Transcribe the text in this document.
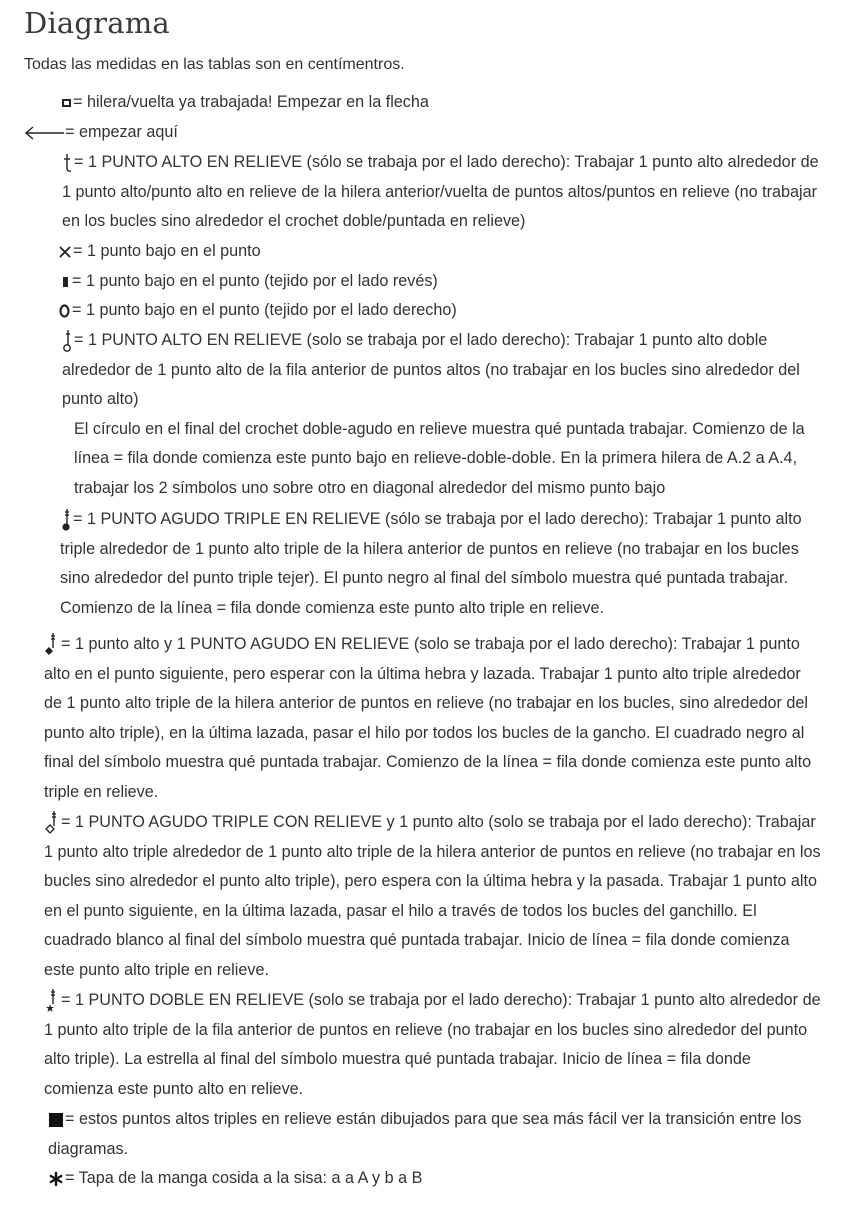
Diagrama
Todas las medidas en las tablas son en centímentros.
= hilera/vuelta ya trabajada! Empezar en la flecha
= empezar aquí
= 1 PUNTO ALTO EN RELIEVE (sólo se trabaja por el lado derecho): Trabajar 1 punto alto alrededor de 1 punto alto/punto alto en relieve de la hilera anterior/vuelta de puntos altos/puntos en relieve (no trabajar en los bucles sino alrededor el crochet doble/puntada en relieve)
= 1 punto bajo en el punto
= 1 punto bajo en el punto (tejido por el lado revés)
= 1 punto bajo en el punto (tejido por el lado derecho)
= 1 PUNTO ALTO EN RELIEVE (solo se trabaja por el lado derecho): Trabajar 1 punto alto doble alrededor de 1 punto alto de la fila anterior de puntos altos (no trabajar en los bucles sino alrededor del punto alto)
El círculo en el final del crochet doble-agudo en relieve muestra qué puntada trabajar. Comienzo de la línea = fila donde comienza este punto bajo en relieve-doble-doble. En la primera hilera de A.2 a A.4, trabajar los 2 símbolos uno sobre otro en diagonal alrededor del mismo punto bajo
= 1 PUNTO AGUDO TRIPLE EN RELIEVE (sólo se trabaja por el lado derecho): Trabajar 1 punto alto triple alrededor de 1 punto alto triple de la hilera anterior de puntos en relieve (no trabajar en los bucles sino alrededor del punto triple tejer). El punto negro al final del símbolo muestra qué puntada trabajar. Comienzo de la línea = fila donde comienza este punto alto triple en relieve.
= 1 punto alto y 1 PUNTO AGUDO EN RELIEVE (solo se trabaja por el lado derecho): Trabajar 1 punto alto en el punto siguiente, pero esperar con la última hebra y lazada. Trabajar 1 punto alto triple alrededor de 1 punto alto triple de la hilera anterior de puntos en relieve (no trabajar en los bucles, sino alrededor del punto alto triple), en la última lazada, pasar el hilo por todos los bucles de la gancho. El cuadrado negro al final del símbolo muestra qué puntada trabajar. Comienzo de la línea = fila donde comienza este punto alto triple en relieve.
= 1 PUNTO AGUDO TRIPLE CON RELIEVE y 1 punto alto (solo se trabaja por el lado derecho): Trabajar 1 punto alto triple alrededor de 1 punto alto triple de la hilera anterior de puntos en relieve (no trabajar en los bucles sino alrededor el punto alto triple), pero espera con la última hebra y la pasada. Trabajar 1 punto alto en el punto siguiente, en la última lazada, pasar el hilo a través de todos los bucles del ganchillo. El cuadrado blanco al final del símbolo muestra qué puntada trabajar. Inicio de línea = fila donde comienza este punto alto triple en relieve.
= 1 PUNTO DOBLE EN RELIEVE (solo se trabaja por el lado derecho): Trabajar 1 punto alto alrededor de 1 punto alto triple de la fila anterior de puntos en relieve (no trabajar en los bucles sino alrededor del punto alto triple). La estrella al final del símbolo muestra qué puntada trabajar. Inicio de línea = fila donde comienza este punto alto en relieve.
= estos puntos altos triples en relieve están dibujados para que sea más fácil ver la transición entre los diagramas.
= Tapa de la manga cosida a la sisa: a a A y b a B
